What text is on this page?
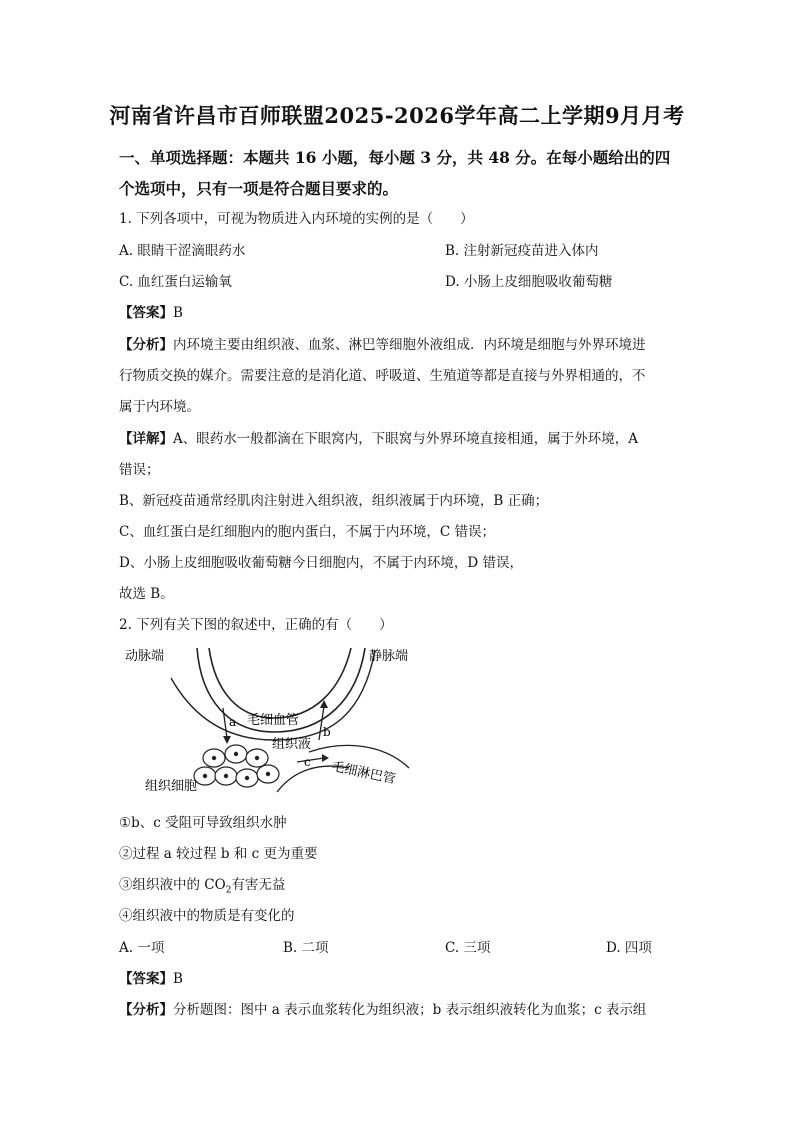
河南省许昌市百师联盟2025-2026学年高二上学期9月月考
一、单项选择题：本题共 16 小题，每小题 3 分，共 48 分。在每小题给出的四个选项中，只有一项是符合题目要求的。
1. 下列各项中，可视为物质进入内环境的实例的是（　　）
A. 眼睛干涩滴眼药水	B. 注射新冠疫苗进入体内
C. 血红蛋白运输氧	D. 小肠上皮细胞吸收葡萄糖
【答案】B
【分析】内环境主要由组织液、血浆、淋巴等细胞外液组成．内环境是细胞与外界环境进
行物质交换的媒介。需要注意的是消化道、呼吸道、生殖道等都是直接与外界相通的，不
属于内环境。
【详解】A、眼药水一般都滴在下眼窝内，下眼窝与外界环境直接相通，属于外环境，A
错误；
B、新冠疫苗通常经肌肉注射进入组织液，组织液属于内环境，B 正确；
C、血红蛋白是红细胞内的胞内蛋白，不属于内环境，C 错误；
D、小肠上皮细胞吸收葡萄糖今日细胞内，不属于内环境，D 错误，
故选 B。
2. 下列有关下图的叙述中，正确的有（　　）
a
b
c
动脉端	静脉端
毛细血管
组织液
毛细淋巴管
组织细胞
①b、c 受阻可导致组织水肿
②过程 a 较过程 b 和 c 更为重要
③组织液中的 $CO_2$有害无益
④组织液中的物质是有变化的
A. 一项	B. 二项	C. 三项	D. 四项
【答案】B
【分析】分析题图：图中 a 表示血浆转化为组织液；b 表示组织液转化为血浆；c 表示组
